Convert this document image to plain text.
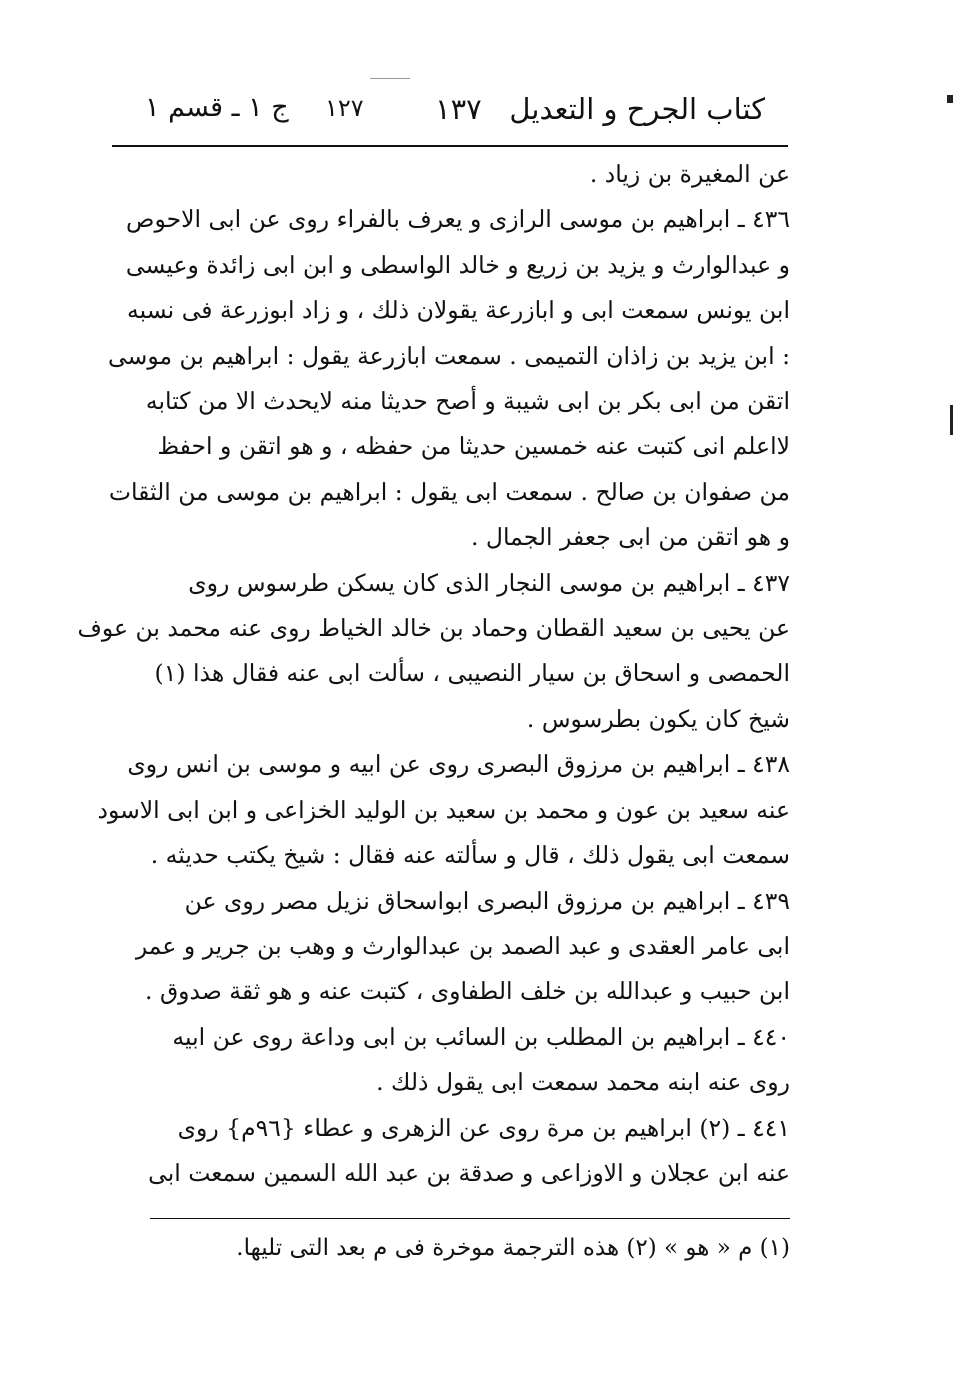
كتاب الجرح و التعديل
١٣٧
١٢٧
ج ١ ـ قسم ١
عن المغيرة بن زياد .
٤٣٦ ـ ابراهيم بن موسى الرازى و يعرف بالفراء روى عن ابى الاحوص
و عبدالوارث و يزيد بن زريع و خالد الواسطى و ابن ابى زائدة وعيسى
ابن يونس سمعت ابى و ابازرعة يقولان ذلك ، و زاد ابوزرعة فى نسبه
: ابن يزيد بن زاذان التميمى . سمعت ابازرعة يقول : ابراهيم بن موسى
اتقن من ابى بكر بن ابى شيبة و أصح حديثا منه لايحدث الا من كتابه
لااعلم انى كتبت عنه خمسين حديثا من حفظه ، و هو اتقن و احفظ
من صفوان بن صالح . سمعت ابى يقول : ابراهيم بن موسى من الثقات
و هو اتقن من ابى جعفر الجمال .
٤٣٧ ـ ابراهيم بن موسى النجار الذى كان يسكن طرسوس روى
عن يحيى بن سعيد القطان وحماد بن خالد الخياط روى عنه محمد بن عوف
الحمصى و اسحاق بن سيار النصيبى ، سألت ابى عنه فقال هذا (١)
شيخ كان يكون بطرسوس .
٤٣٨ ـ ابراهيم بن مرزوق البصرى روى عن ابيه و موسى بن انس روى
عنه سعيد بن عون و محمد بن سعيد بن الوليد الخزاعى و ابن ابى الاسود
سمعت ابى يقول ذلك ، قال و سألته عنه فقال : شيخ يكتب حديثه .
٤٣٩ ـ ابراهيم بن مرزوق البصرى ابواسحاق نزيل مصر روى عن
ابى عامر العقدى و عبد الصمد بن عبدالوارث و وهب بن جرير و عمر
ابن حبيب و عبدالله بن خلف الطفاوى ، كتبت عنه و هو ثقة صدوق .
٤٤٠ ـ ابراهيم بن المطلب بن السائب بن ابى وداعة روى عن ابيه
روى عنه ابنه محمد سمعت ابى يقول ذلك .
٤٤١ ـ (٢) ابراهيم بن مرة روى عن الزهرى و عطاء {٩٦م} روى
عنه ابن عجلان و الاوزاعى و صدقة بن عبد الله السمين سمعت ابى
(١) م « هو » (٢) هذه الترجمة موخرة فى م بعد التى تليها.
